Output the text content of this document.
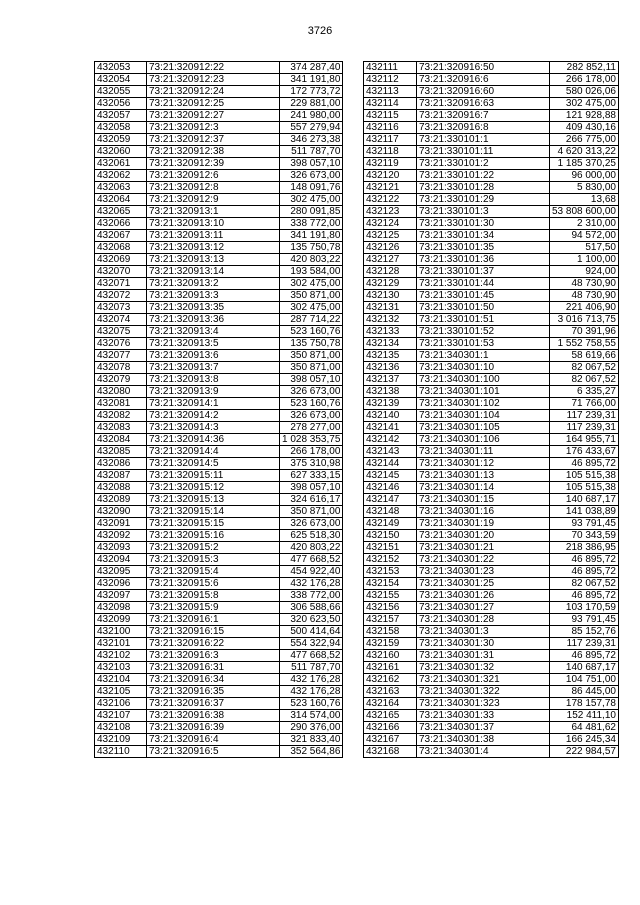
3726
432053	73:21:320912:22	374 287,40
432054	73:21:320912:23	341 191,80
432055	73:21:320912:24	172 773,72
432056	73:21:320912:25	229 881,00
432057	73:21:320912:27	241 980,00
432058	73:21:320912:3	557 279,94
432059	73:21:320912:37	346 273,38
432060	73:21:320912:38	511 787,70
432061	73:21:320912:39	398 057,10
432062	73:21:320912:6	326 673,00
432063	73:21:320912:8	148 091,76
432064	73:21:320912:9	302 475,00
432065	73:21:320913:1	280 091,85
432066	73:21:320913:10	338 772,00
432067	73:21:320913:11	341 191,80
432068	73:21:320913:12	135 750,78
432069	73:21:320913:13	420 803,22
432070	73:21:320913:14	193 584,00
432071	73:21:320913:2	302 475,00
432072	73:21:320913:3	350 871,00
432073	73:21:320913:35	302 475,00
432074	73:21:320913:36	287 714,22
432075	73:21:320913:4	523 160,76
432076	73:21:320913:5	135 750,78
432077	73:21:320913:6	350 871,00
432078	73:21:320913:7	350 871,00
432079	73:21:320913:8	398 057,10
432080	73:21:320913:9	326 673,00
432081	73:21:320914:1	523 160,76
432082	73:21:320914:2	326 673,00
432083	73:21:320914:3	278 277,00
432084	73:21:320914:36	1 028 353,75
432085	73:21:320914:4	266 178,00
432086	73:21:320914:5	375 310,98
432087	73:21:320915:11	627 333,15
432088	73:21:320915:12	398 057,10
432089	73:21:320915:13	324 616,17
432090	73:21:320915:14	350 871,00
432091	73:21:320915:15	326 673,00
432092	73:21:320915:16	625 518,30
432093	73:21:320915:2	420 803,22
432094	73:21:320915:3	477 668,52
432095	73:21:320915:4	454 922,40
432096	73:21:320915:6	432 176,28
432097	73:21:320915:8	338 772,00
432098	73:21:320915:9	306 588,66
432099	73:21:320916:1	320 623,50
432100	73:21:320916:15	500 414,64
432101	73:21:320916:22	554 322,94
432102	73:21:320916:3	477 668,52
432103	73:21:320916:31	511 787,70
432104	73:21:320916:34	432 176,28
432105	73:21:320916:35	432 176,28
432106	73:21:320916:37	523 160,76
432107	73:21:320916:38	314 574,00
432108	73:21:320916:39	290 376,00
432109	73:21:320916:4	321 833,40
432110	73:21:320916:5	352 564,86
432111	73:21:320916:50	282 852,11
432112	73:21:320916:6	266 178,00
432113	73:21:320916:60	580 026,06
432114	73:21:320916:63	302 475,00
432115	73:21:320916:7	121 928,88
432116	73:21:320916:8	409 430,16
432117	73:21:330101:1	266 775,00
432118	73:21:330101:11	4 620 313,22
432119	73:21:330101:2	1 185 370,25
432120	73:21:330101:22	96 000,00
432121	73:21:330101:28	5 830,00
432122	73:21:330101:29	13,68
432123	73:21:330101:3	53 808 600,00
432124	73:21:330101:30	2 310,00
432125	73:21:330101:34	94 572,00
432126	73:21:330101:35	517,50
432127	73:21:330101:36	1 100,00
432128	73:21:330101:37	924,00
432129	73:21:330101:44	48 730,90
432130	73:21:330101:45	48 730,90
432131	73:21:330101:50	221 406,90
432132	73:21:330101:51	3 016 713,75
432133	73:21:330101:52	70 391,96
432134	73:21:330101:53	1 552 758,55
432135	73:21:340301:1	58 619,66
432136	73:21:340301:10	82 067,52
432137	73:21:340301:100	82 067,52
432138	73:21:340301:101	6 335,27
432139	73:21:340301:102	71 766,00
432140	73:21:340301:104	117 239,31
432141	73:21:340301:105	117 239,31
432142	73:21:340301:106	164 955,71
432143	73:21:340301:11	176 433,67
432144	73:21:340301:12	46 895,72
432145	73:21:340301:13	105 515,38
432146	73:21:340301:14	105 515,38
432147	73:21:340301:15	140 687,17
432148	73:21:340301:16	141 038,89
432149	73:21:340301:19	93 791,45
432150	73:21:340301:20	70 343,59
432151	73:21:340301:21	218 386,95
432152	73:21:340301:22	46 895,72
432153	73:21:340301:23	46 895,72
432154	73:21:340301:25	82 067,52
432155	73:21:340301:26	46 895,72
432156	73:21:340301:27	103 170,59
432157	73:21:340301:28	93 791,45
432158	73:21:340301:3	85 152,76
432159	73:21:340301:30	117 239,31
432160	73:21:340301:31	46 895,72
432161	73:21:340301:32	140 687,17
432162	73:21:340301:321	104 751,00
432163	73:21:340301:322	86 445,00
432164	73:21:340301:323	178 157,78
432165	73:21:340301:33	152 411,10
432166	73:21:340301:37	64 481,62
432167	73:21:340301:38	166 245,34
432168	73:21:340301:4	222 984,57
